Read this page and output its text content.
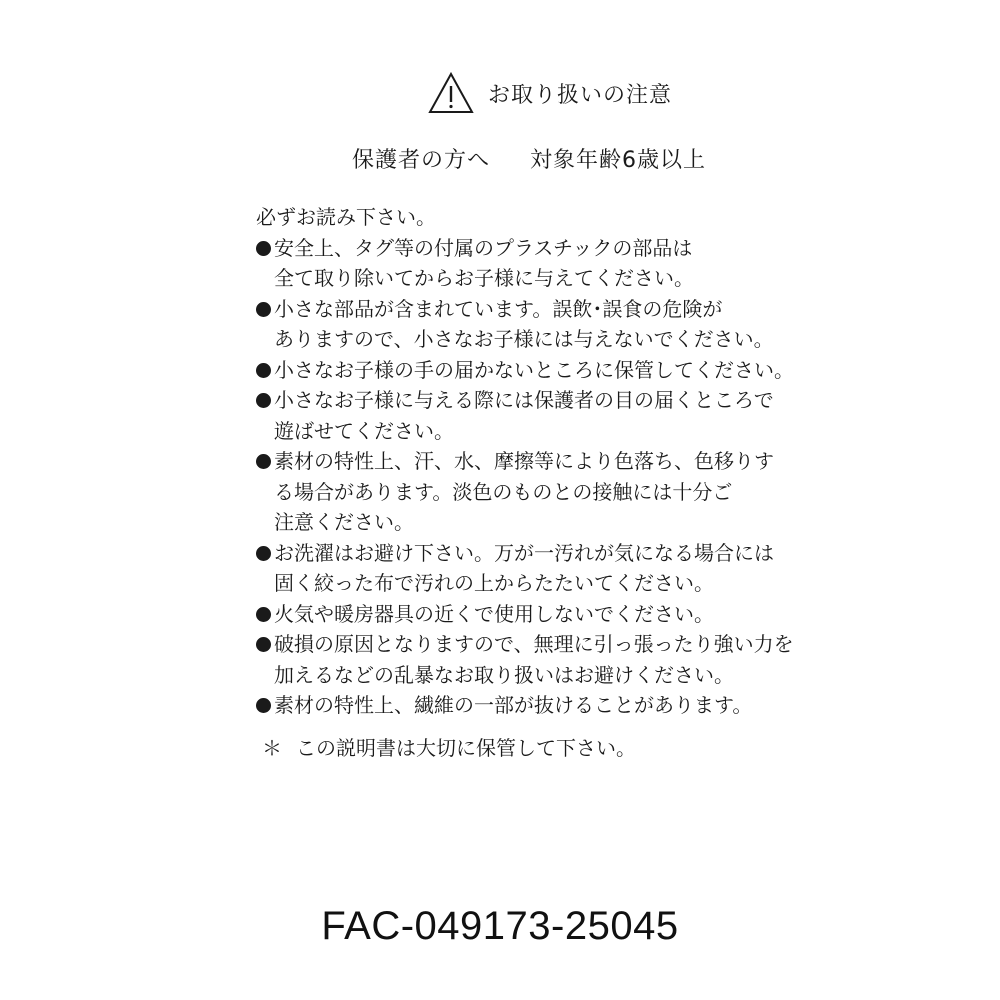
お取り扱いの注意
保護者の方へ 対象年齢6歳以上
必ずお読み下さい。
安全上、タグ等の付属のプラスチックの部品は
全て取り除いてからお子様に与えてください。
小さな部品が含まれています。誤飲･誤食の危険が
ありますので、小さなお子様には与えないでください。
小さなお子様の手の届かないところに保管してください。
小さなお子様に与える際には保護者の目の届くところで
遊ばせてください。
素材の特性上、汗、水、摩擦等により色落ち、色移りす
る場合があります。淡色のものとの接触には十分ご
注意ください。
お洗濯はお避け下さい。万が一汚れが気になる場合には
固く絞った布で汚れの上からたたいてください。
火気や暖房器具の近くで使用しないでください。
破損の原因となりますので、無理に引っ張ったり強い力を
加えるなどの乱暴なお取り扱いはお避けください。
素材の特性上、繊維の一部が抜けることがあります。
＊ この説明書は大切に保管して下さい。
FAC-049173-25045
